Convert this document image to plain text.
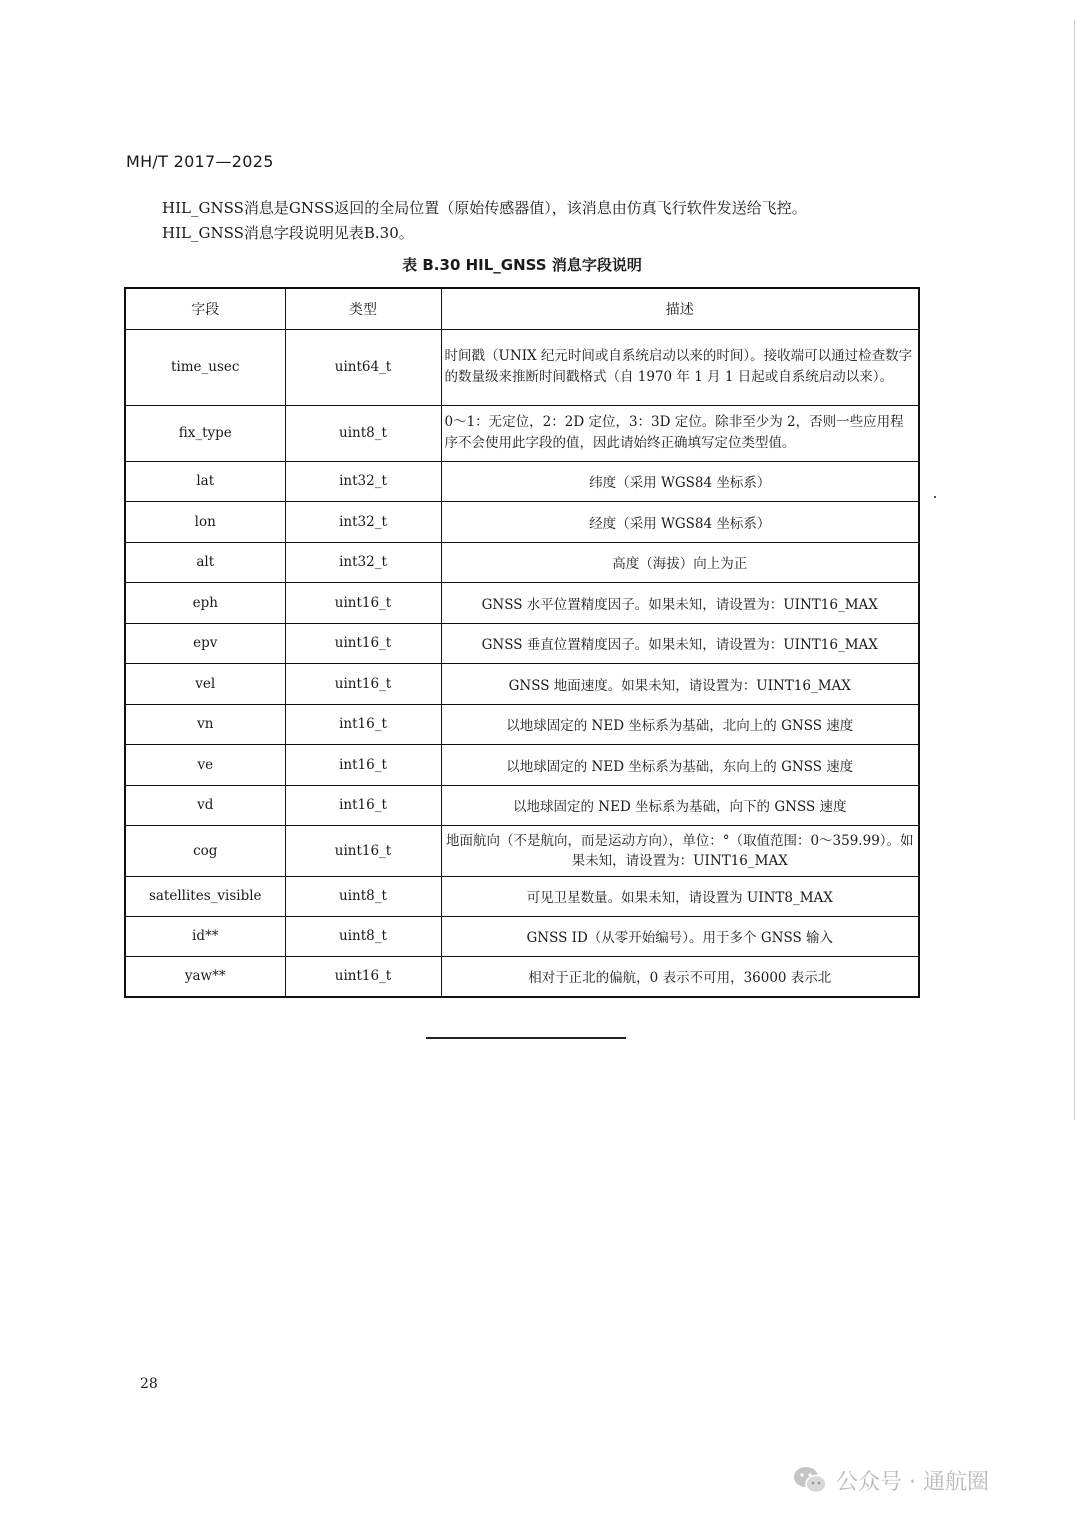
MH/T 2017—2025

HIL_GNSS消息是GNSS返回的全局位置（原始传感器值），该消息由仿真飞行软件发送给飞控。

HIL_GNSS消息字段说明见表B.30。

表 B.30 HIL_GNSS 消息字段说明
字段	类型	描述
time_usec	uint64_t	时间戳（UNIX 纪元时间或自系统启动以来的时间）。接收端可以通过检查数字的数量级来推断时间戳格式（自 1970 年 1 月 1 日起或自系统启动以来）。
fix_type	uint8_t	0～1：无定位，2：2D 定位，3：3D 定位。除非至少为 2，否则一些应用程序不会使用此字段的值，因此请始终正确填写定位类型值。
lat	int32_t	纬度（采用 WGS84 坐标系）
lon	int32_t	经度（采用 WGS84 坐标系）
alt	int32_t	高度（海拔）向上为正
eph	uint16_t	GNSS 水平位置精度因子。如果未知，请设置为：UINT16_MAX
epv	uint16_t	GNSS 垂直位置精度因子。如果未知，请设置为：UINT16_MAX
vel	uint16_t	GNSS 地面速度。如果未知，请设置为：UINT16_MAX
vn	int16_t	以地球固定的 NED 坐标系为基础，北向上的 GNSS 速度
ve	int16_t	以地球固定的 NED 坐标系为基础，东向上的 GNSS 速度
vd	int16_t	以地球固定的 NED 坐标系为基础，向下的 GNSS 速度
cog	uint16_t	地面航向（不是航向，而是运动方向），单位：°（取值范围：0～359.99）。如果未知，请设置为：UINT16_MAX
satellites_visible	uint8_t	可见卫星数量。如果未知，请设置为 UINT8_MAX
id**	uint8_t	GNSS ID（从零开始编号）。用于多个 GNSS 输入
yaw**	uint16_t	相对于正北的偏航，0 表示不可用，36000 表示北
28
公众号 · 通航圈
